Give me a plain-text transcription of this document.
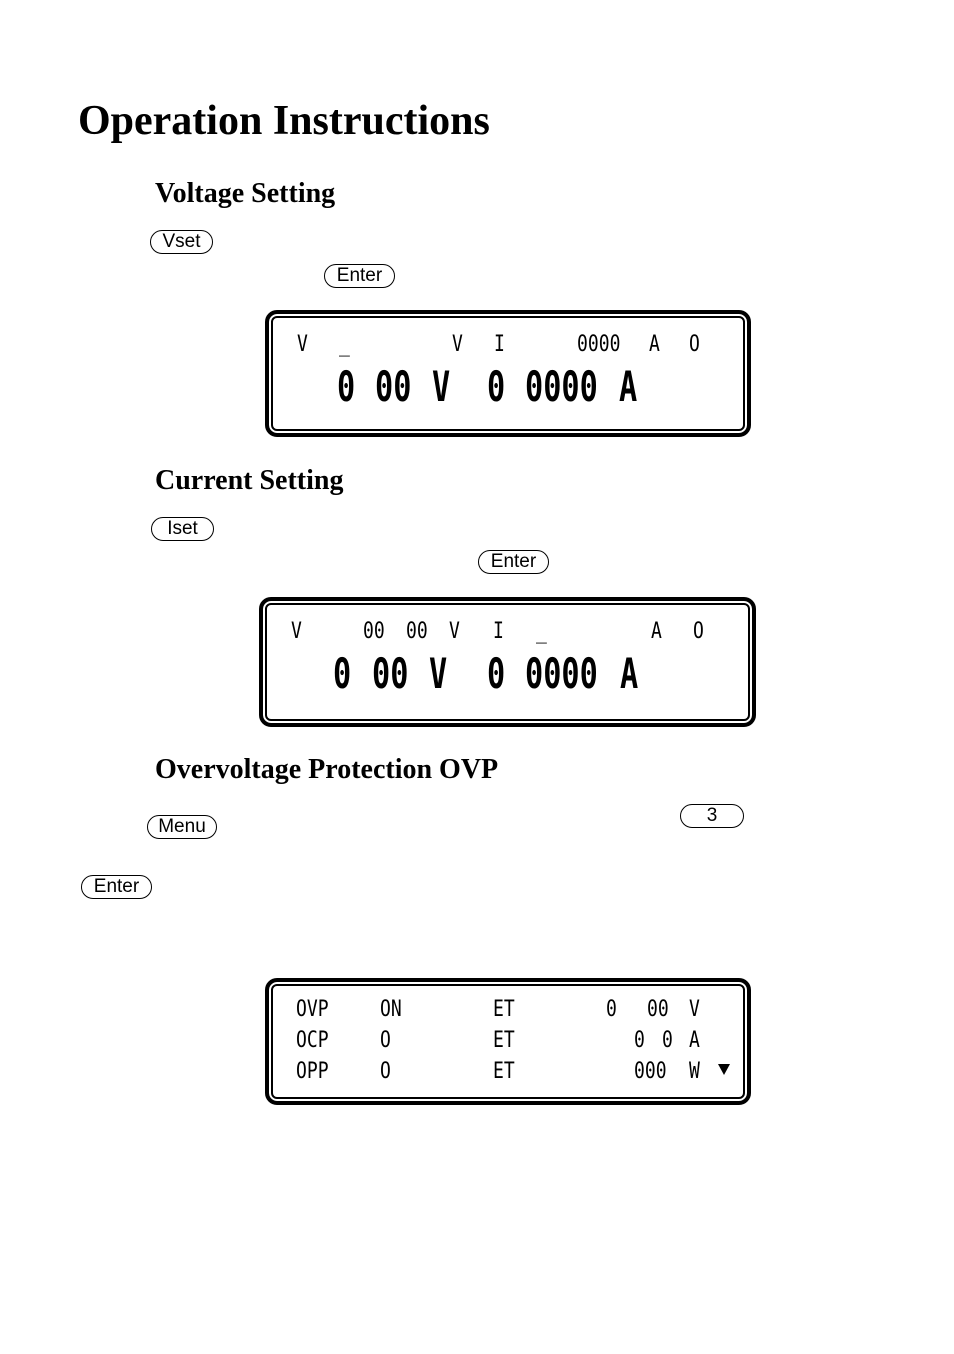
Operation Instructions
Voltage Setting
Vset
Enter
V _	V I	0000 A O
0 00 V 0 0000 A
Current Setting
Iset
Enter
V	00 00 V I _	A O
0 00 V 0 0000 A
Overvoltage Protection OVP
Menu
3
Enter
OVP ON	ET	0 00 V
OCP O	ET	0 0 A
OPP O	ET	000 W
